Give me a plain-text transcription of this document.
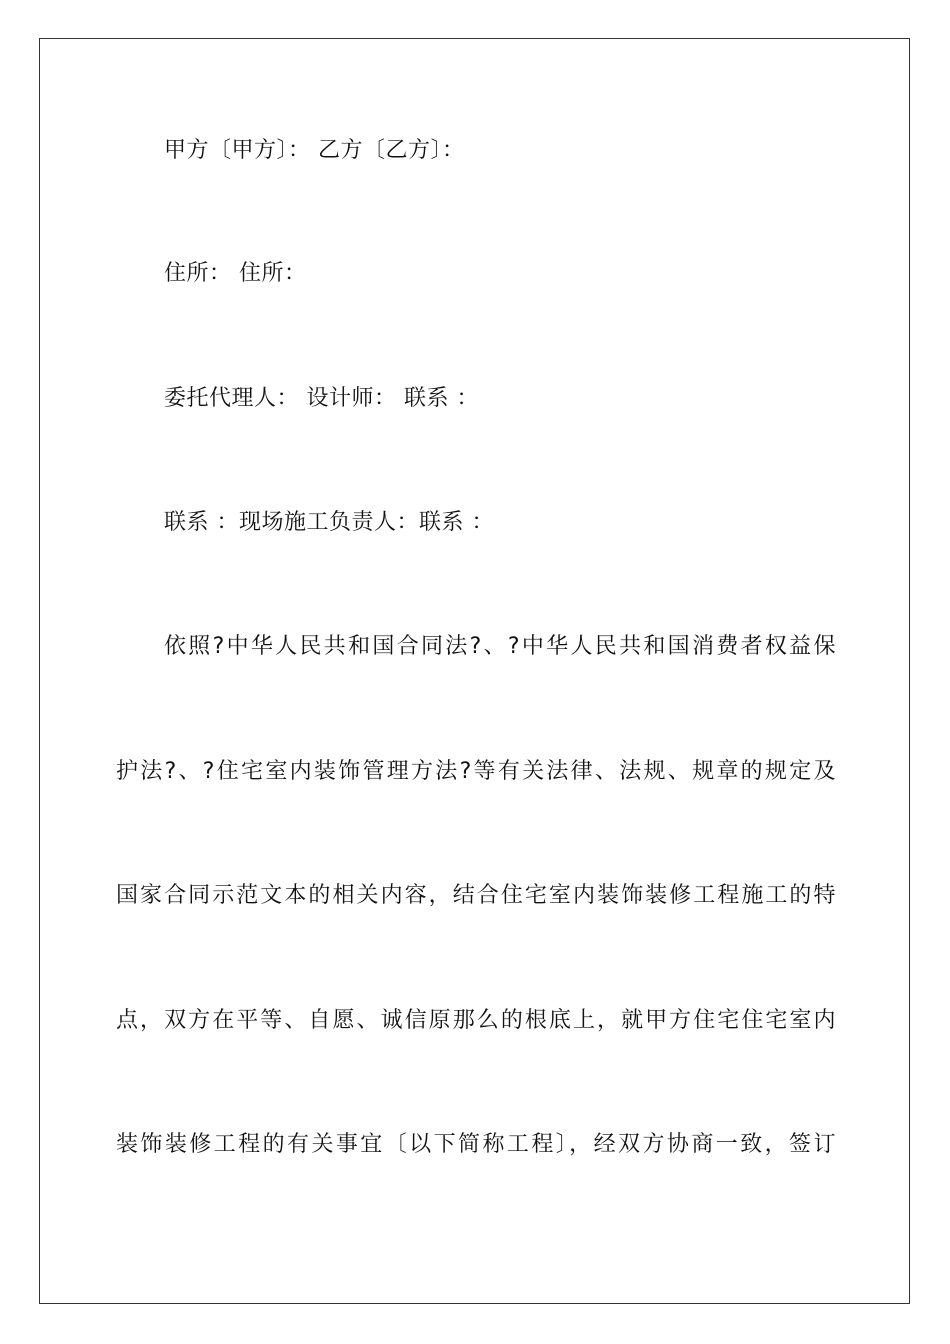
甲方〔甲方〕： 乙方〔乙方〕：
住所： 住所：
委托代理人： 设计师： 联系 ：
联系 ：现场施工负责人：联系 ：
依照?中华人民共和国合同法?、?中华人民共和国消费者权益保
护法?、?住宅室内装饰管理方法?等有关法律、法规、规章的规定及
国家合同示范文本的相关内容，结合住宅室内装饰装修工程施工的特
点，双方在平等、自愿、诚信原那么的根底上，就甲方住宅住宅室内
装饰装修工程的有关事宜〔以下简称工程〕，经双方协商一致，签订
